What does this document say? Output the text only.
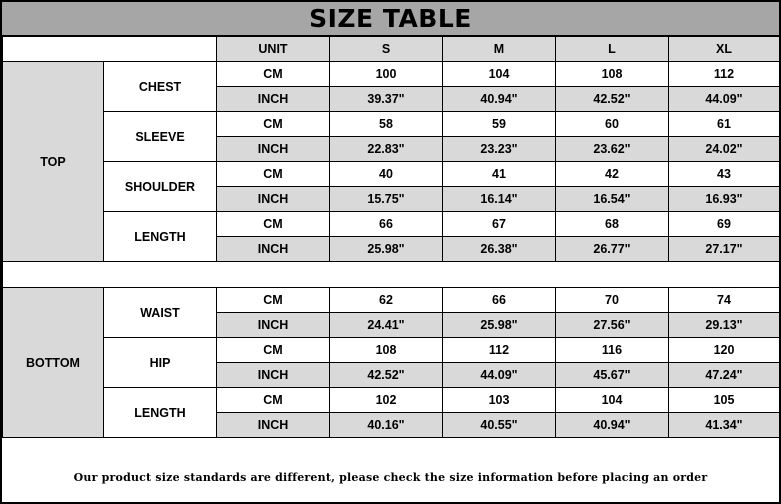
SIZE TABLE
		UNIT	S	M	L	XL
TOP	CHEST	CM	100	104	108	112
		INCH	39.37"	40.94"	42.52"	44.09"
	SLEEVE	CM	58	59	60	61
		INCH	22.83"	23.23"	23.62"	24.02"
	SHOULDER	CM	40	41	42	43
		INCH	15.75"	16.14"	16.54"	16.93"
	LENGTH	CM	66	67	68	69
		INCH	25.98"	26.38"	26.77"	27.17"

BOTTOM	WAIST	CM	62	66	70	74
		INCH	24.41"	25.98"	27.56"	29.13"
	HIP	CM	108	112	116	120
		INCH	42.52"	44.09"	45.67"	47.24"
	LENGTH	CM	102	103	104	105
		INCH	40.16"	40.55"	40.94"	41.34"
Our product size standards are different, please check the size information before placing an order
